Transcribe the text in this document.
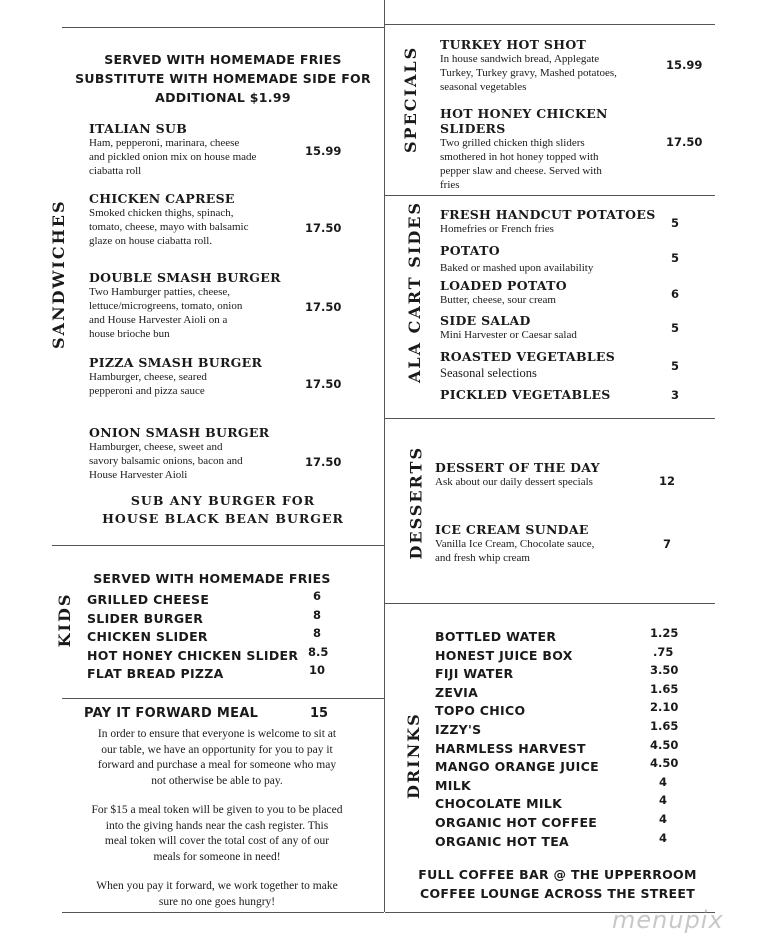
SANDWICHES
SERVED WITH HOMEMADE FRIES
SUBSTITUTE WITH HOMEMADE SIDE FOR
ADDITIONAL $1.99
ITALIAN SUB
Ham, pepperoni, marinara, cheese
and pickled onion mix on house made
ciabatta roll
15.99
CHICKEN CAPRESE
Smoked chicken thighs, spinach,
tomato, cheese, mayo with balsamic
glaze on house ciabatta roll.
17.50
DOUBLE SMASH BURGER
Two Hamburger patties, cheese,
lettuce/microgreens, tomato, onion
and House Harvester Aioli on a
house brioche bun
17.50
PIZZA SMASH BURGER
Hamburger, cheese, seared
pepperoni and pizza sauce	17.50
ONION SMASH BURGER
Hamburger, cheese, sweet and
savory balsamic onions, bacon and
House Harvester Aioli
17.50
SUB ANY BURGER FOR
HOUSE BLACK BEAN BURGER
KIDS
SERVED WITH HOMEMADE FRIES
GRILLED CHEESE	6
SLIDER BURGER	8
CHICKEN SLIDER	8
HOT HONEY CHICKEN SLIDER 8.5
FLAT BREAD PIZZA	10
PAY IT FORWARD MEAL	15
In order to ensure that everyone is welcome to sit at
our table, we have an opportunity for you to pay it
forward and purchase a meal for someone who may
not otherwise be able to pay.
For $15 a meal token will be given to you to be placed
into the giving hands near the cash register. This
meal token will cover the total cost of any of our
meals for someone in need!
When you pay it forward, we work together to make
sure no one goes hungry!
SPECIALS
TURKEY HOT SHOT
In house sandwich bread, Applegate
Turkey, Turkey gravy, Mashed potatoes,
seasonal vegetables
15.99
HOT HONEY CHICKEN SLIDERS
Two grilled chicken thigh sliders
smothered in hot honey topped with
pepper slaw and cheese. Served with
fries
17.50
ALA CART SIDES FRESH HANDCUT POTATOES
Homefries or French fries	5
POTATO
Baked or mashed upon availability
5
LOADED POTATO
Butter, cheese, sour cream	6
SIDE SALAD
Mini Harvester or Caesar salad	5
ROASTED VEGETABLES
Seasonal selections	5
PICKLED VEGETABLES	3
DESSERTS DESSERT OF THE DAY
Ask about our daily dessert specials	12
ICE CREAM SUNDAE
Vanilla Ice Cream, Chocolate sauce,
and fresh whip cream
7
DRINKS
BOTTLED WATER	1.25
HONEST JUICE BOX	.75
FIJI WATER	3.50
ZEVIA	1.65
TOPO CHICO	2.10
IZZY'S	1.65
HARMLESS HARVEST	4.50
MANGO ORANGE JUICE	4.50
MILK	4
CHOCOLATE MILK	4
ORGANIC HOT COFFEE	4
ORGANIC HOT TEA	4
FULL COFFEE BAR @ THE UPPERROOM
COFFEE LOUNGE ACROSS THE STREET
menupix
